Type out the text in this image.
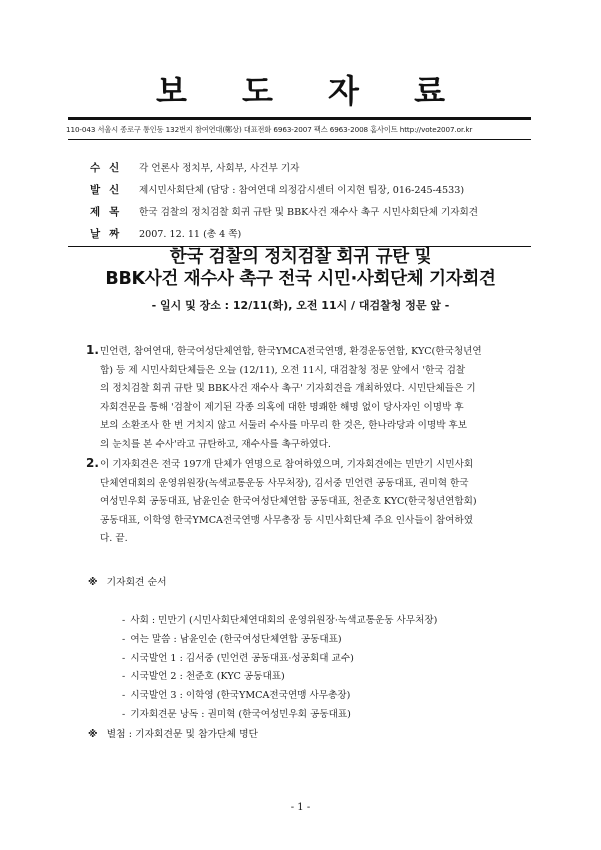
보 도 자 료
110-043 서울시 종로구 통인동 132번지 참여연대(鄭상) 대표전화 6963-2007 팩스 6963-2008 홈사이트 http://vote2007.or.kr
수신 각 언론사 정치부, 사회부, 사건부 기자
발신 제시민사회단체 (담당 : 참여연대 의정감시센터 이지현 팀장, 016-245-4533)
제목 한국 검찰의 정치검찰 회귀 규탄 및 BBK사건 재수사 촉구 시민사회단체 기자회견
날짜 2007. 12. 11 (총 4 쪽)
한국 검찰의 정치검찰 회귀 규탄 및
BBK사건 재수사 촉구 전국 시민·사회단체 기자회견
- 일시 및 장소 : 12/11(화), 오전 11시 / 대검찰청 정문 앞 -
1. 민언련, 참여연대, 한국여성단체연합, 한국YMCA전국연맹, 환경운동연합, KYC(한국청년연
합) 등 제 시민사회단체들은 오늘 (12/11), 오전 11시, 대검찰청 정문 앞에서 '한국 검찰
의 정치검찰 회귀 규탄 및 BBK사건 재수사 촉구' 기자회견을 개최하였다. 시민단체들은 기
자회견문을 통해 '검찰이 제기된 각종 의혹에 대한 명쾌한 해명 없이 당사자인 이명박 후
보의 소환조사 한 번 거치지 않고 서둘러 수사를 마무리 한 것은, 한나라당과 이명박 후보
의 눈치를 본 수사'라고 규탄하고, 재수사를 촉구하였다.
2. 이 기자회견은 전국 197개 단체가 연명으로 참여하였으며, 기자회견에는 민만기 시민사회
단체연대회의 운영위원장(녹색교통운동 사무처장), 김서중 민언련 공동대표, 권미혁 한국
여성민우회 공동대표, 남윤인순 한국여성단체연합 공동대표, 천준호 KYC(한국청년연합회)
공동대표, 이학영 한국YMCA전국연맹 사무총장 등 시민사회단체 주요 인사들이 참여하였
다. 끝.
※ 기자회견 순서
- 사회 : 민만기 (시민사회단체연대회의 운영위원장·녹색교통운동 사무처장)
- 여는 말씀 : 남윤인순 (한국여성단체연합 공동대표)
- 시국발언 1 : 김서중 (민언련 공동대표·성공회대 교수)
- 시국발언 2 : 천준호 (KYC 공동대표)
- 시국발언 3 : 이학영 (한국YMCA전국연맹 사무총장)
- 기자회견문 낭독 : 권미혁 (한국여성민우회 공동대표)
※ 별첨 : 기자회견문 및 참가단체 명단
- 1 -
